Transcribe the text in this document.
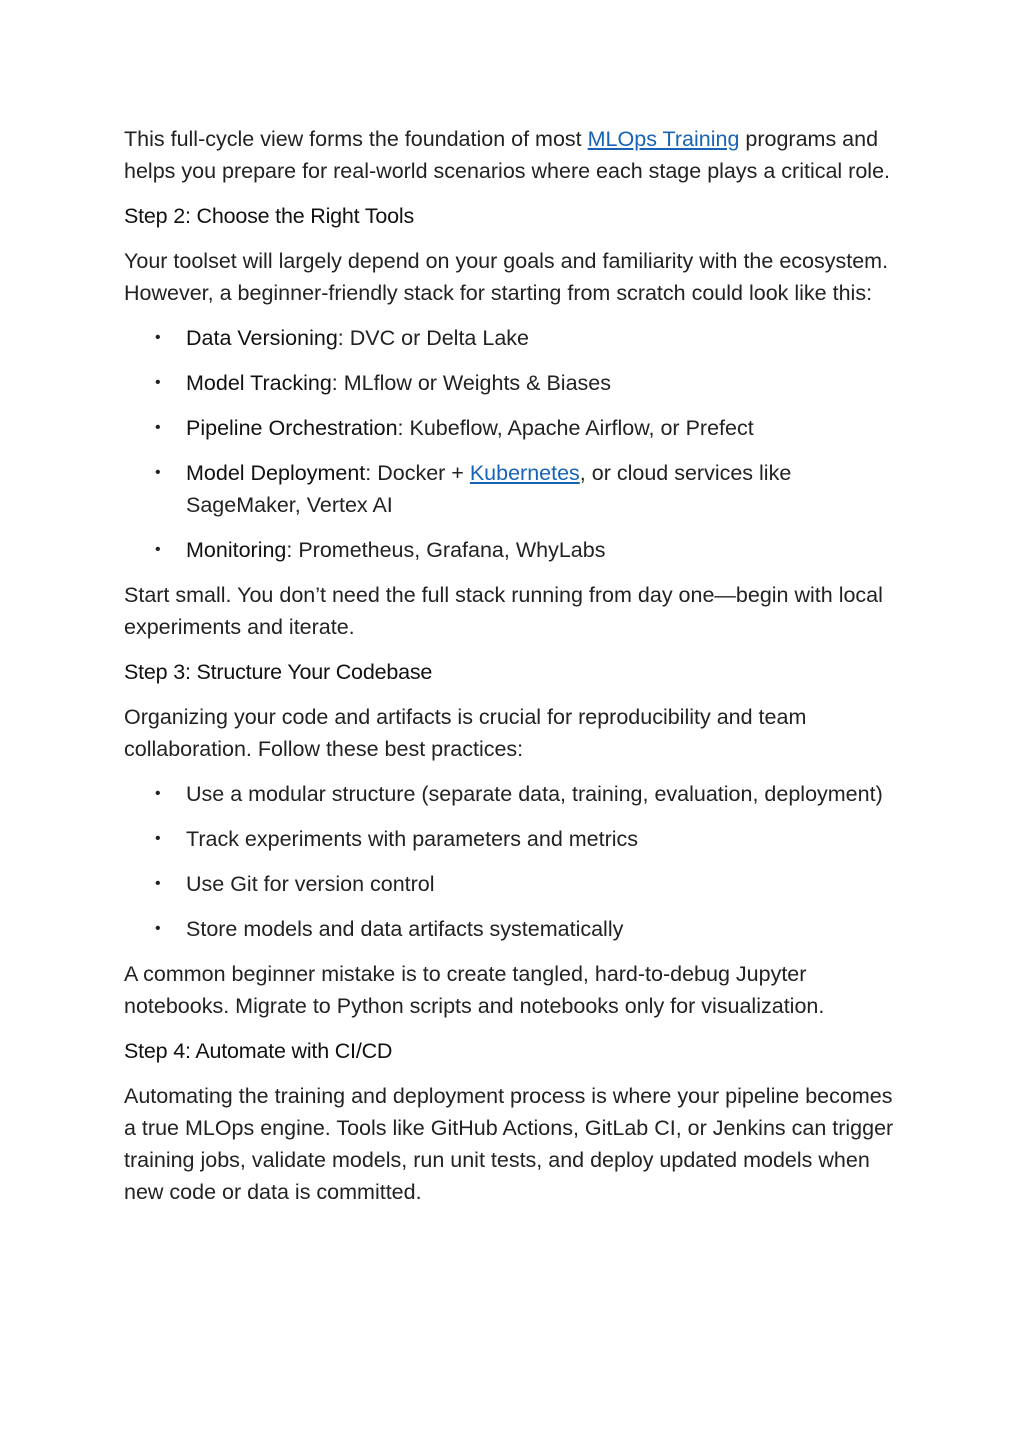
This full-cycle view forms the foundation of most MLOps Training programs and helps you prepare for real-world scenarios where each stage plays a critical role.

Step 2: Choose the Right Tools

Your toolset will largely depend on your goals and familiarity with the ecosystem. However, a beginner-friendly stack for starting from scratch could look like this:

• Data Versioning: DVC or Delta Lake
• Model Tracking: MLflow or Weights & Biases
• Pipeline Orchestration: Kubeflow, Apache Airflow, or Prefect
• Model Deployment: Docker + Kubernetes, or cloud services like SageMaker, Vertex AI
• Monitoring: Prometheus, Grafana, WhyLabs

Start small. You don’t need the full stack running from day one—begin with local experiments and iterate.

Step 3: Structure Your Codebase

Organizing your code and artifacts is crucial for reproducibility and team collaboration. Follow these best practices:

• Use a modular structure (separate data, training, evaluation, deployment)
• Track experiments with parameters and metrics
• Use Git for version control
• Store models and data artifacts systematically

A common beginner mistake is to create tangled, hard-to-debug Jupyter notebooks. Migrate to Python scripts and notebooks only for visualization.

Step 4: Automate with CI/CD

Automating the training and deployment process is where your pipeline becomes a true MLOps engine. Tools like GitHub Actions, GitLab CI, or Jenkins can trigger training jobs, validate models, run unit tests, and deploy updated models when new code or data is committed.
